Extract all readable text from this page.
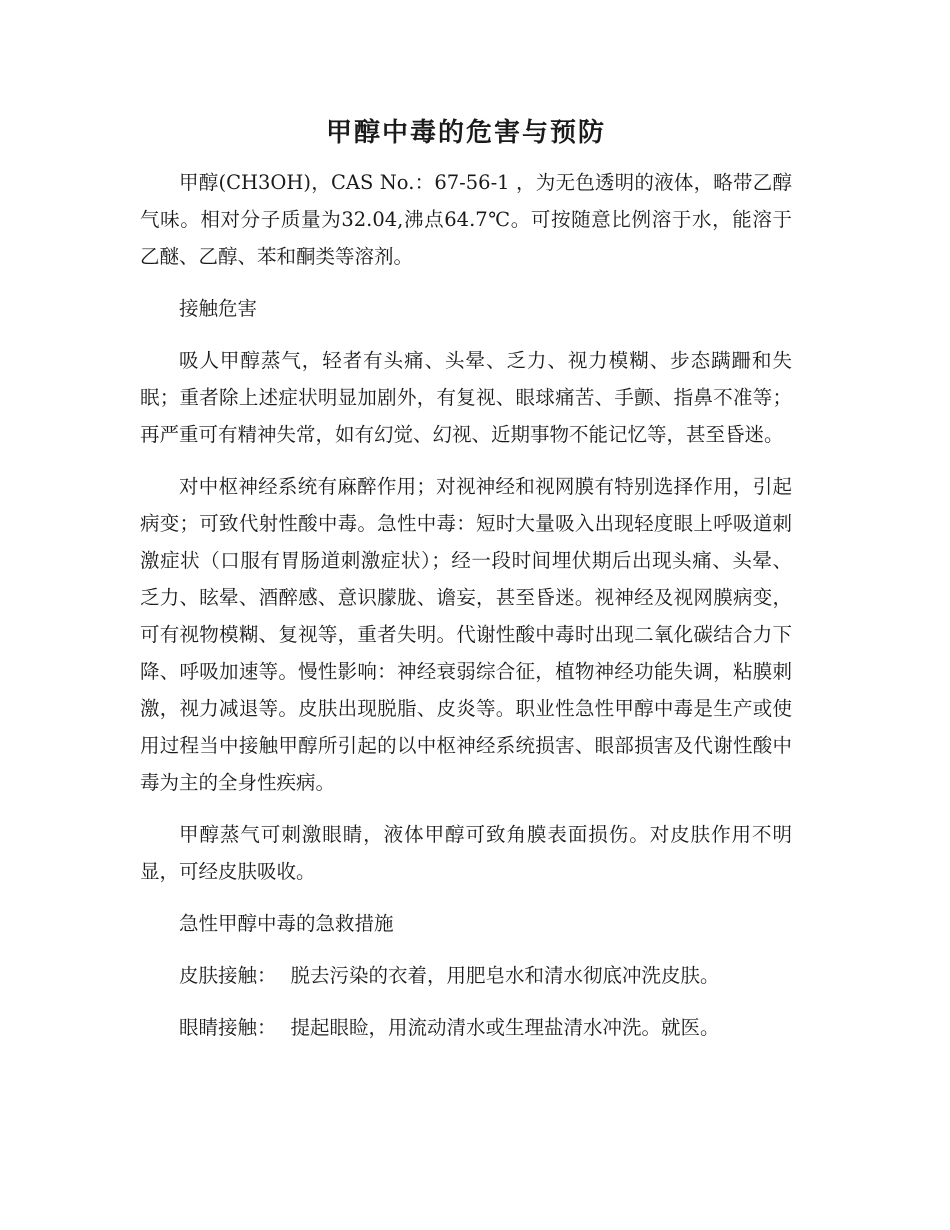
甲醇中毒的危害与预防

甲醇(CH3OH)，CAS No.：67-56-1 ，为无色透明的液体，略带乙醇气味。相对分子质量为32.04,沸点64.7℃。可按随意比例溶于水，能溶于乙醚、乙醇、苯和酮类等溶剂。

接触危害

吸人甲醇蒸气，轻者有头痛、头晕、乏力、视力模糊、步态蹒跚和失眠；重者除上述症状明显加剧外，有复视、眼球痛苦、手颤、指鼻不准等；再严重可有精神失常，如有幻觉、幻视、近期事物不能记忆等，甚至昏迷。

对中枢神经系统有麻醉作用；对视神经和视网膜有特别选择作用，引起病变；可致代射性酸中毒。急性中毒：短时大量吸入出现轻度眼上呼吸道刺激症状（口服有胃肠道刺激症状）；经一段时间埋伏期后出现头痛、头晕、乏力、眩晕、酒醉感、意识朦胧、谵妄，甚至昏迷。视神经及视网膜病变，可有视物模糊、复视等，重者失明。代谢性酸中毒时出现二氧化碳结合力下降、呼吸加速等。慢性影响：神经衰弱综合征，植物神经功能失调，粘膜刺激，视力减退等。皮肤出现脱脂、皮炎等。职业性急性甲醇中毒是生产或使用过程当中接触甲醇所引起的以中枢神经系统损害、眼部损害及代谢性酸中毒为主的全身性疾病。

甲醇蒸气可刺激眼睛，液体甲醇可致角膜表面损伤。对皮肤作用不明显，可经皮肤吸收。

急性甲醇中毒的急救措施

皮肤接触： 脱去污染的衣着，用肥皂水和清水彻底冲洗皮肤。

眼睛接触： 提起眼睑，用流动清水或生理盐清水冲洗。就医。
